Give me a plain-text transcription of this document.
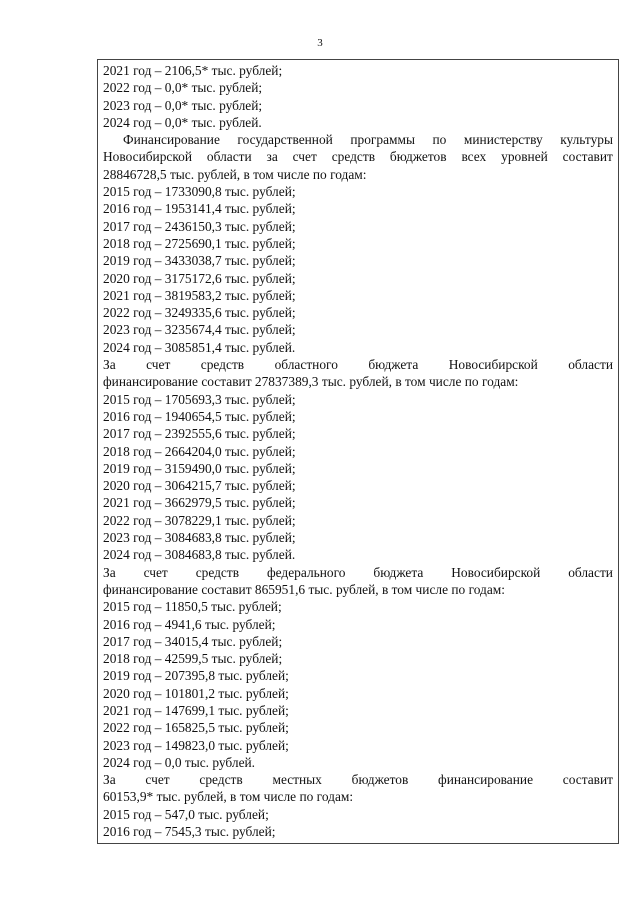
3
2021 год – 2106,5* тыс. рублей;
2022 год – 0,0* тыс. рублей;
2023 год – 0,0* тыс. рублей;
2024 год – 0,0* тыс. рублей.
Финансирование государственной программы по министерству культуры
Новосибирской области за счет средств бюджетов всех уровней составит
28846728,5 тыс. рублей, в том числе по годам:
2015 год – 1733090,8 тыс. рублей;
2016 год – 1953141,4 тыс. рублей;
2017 год – 2436150,3 тыс. рублей;
2018 год – 2725690,1 тыс. рублей;
2019 год – 3433038,7 тыс. рублей;
2020 год – 3175172,6 тыс. рублей;
2021 год – 3819583,2 тыс. рублей;
2022 год – 3249335,6 тыс. рублей;
2023 год – 3235674,4 тыс. рублей;
2024 год – 3085851,4 тыс. рублей.
За счет средств областного бюджета Новосибирской области
финансирование составит 27837389,3 тыс. рублей, в том числе по годам:
2015 год – 1705693,3 тыс. рублей;
2016 год – 1940654,5 тыс. рублей;
2017 год – 2392555,6 тыс. рублей;
2018 год – 2664204,0 тыс. рублей;
2019 год – 3159490,0 тыс. рублей;
2020 год – 3064215,7 тыс. рублей;
2021 год – 3662979,5 тыс. рублей;
2022 год – 3078229,1 тыс. рублей;
2023 год – 3084683,8 тыс. рублей;
2024 год – 3084683,8 тыс. рублей.
За счет средств федерального бюджета Новосибирской области
финансирование составит 865951,6 тыс. рублей, в том числе по годам:
2015 год – 11850,5 тыс. рублей;
2016 год – 4941,6 тыс. рублей;
2017 год – 34015,4 тыс. рублей;
2018 год – 42599,5 тыс. рублей;
2019 год – 207395,8 тыс. рублей;
2020 год – 101801,2 тыс. рублей;
2021 год – 147699,1 тыс. рублей;
2022 год – 165825,5 тыс. рублей;
2023 год – 149823,0 тыс. рублей;
2024 год – 0,0 тыс. рублей.
За счет средств местных бюджетов финансирование составит
60153,9* тыс. рублей, в том числе по годам:
2015 год – 547,0 тыс. рублей;
2016 год – 7545,3 тыс. рублей;
